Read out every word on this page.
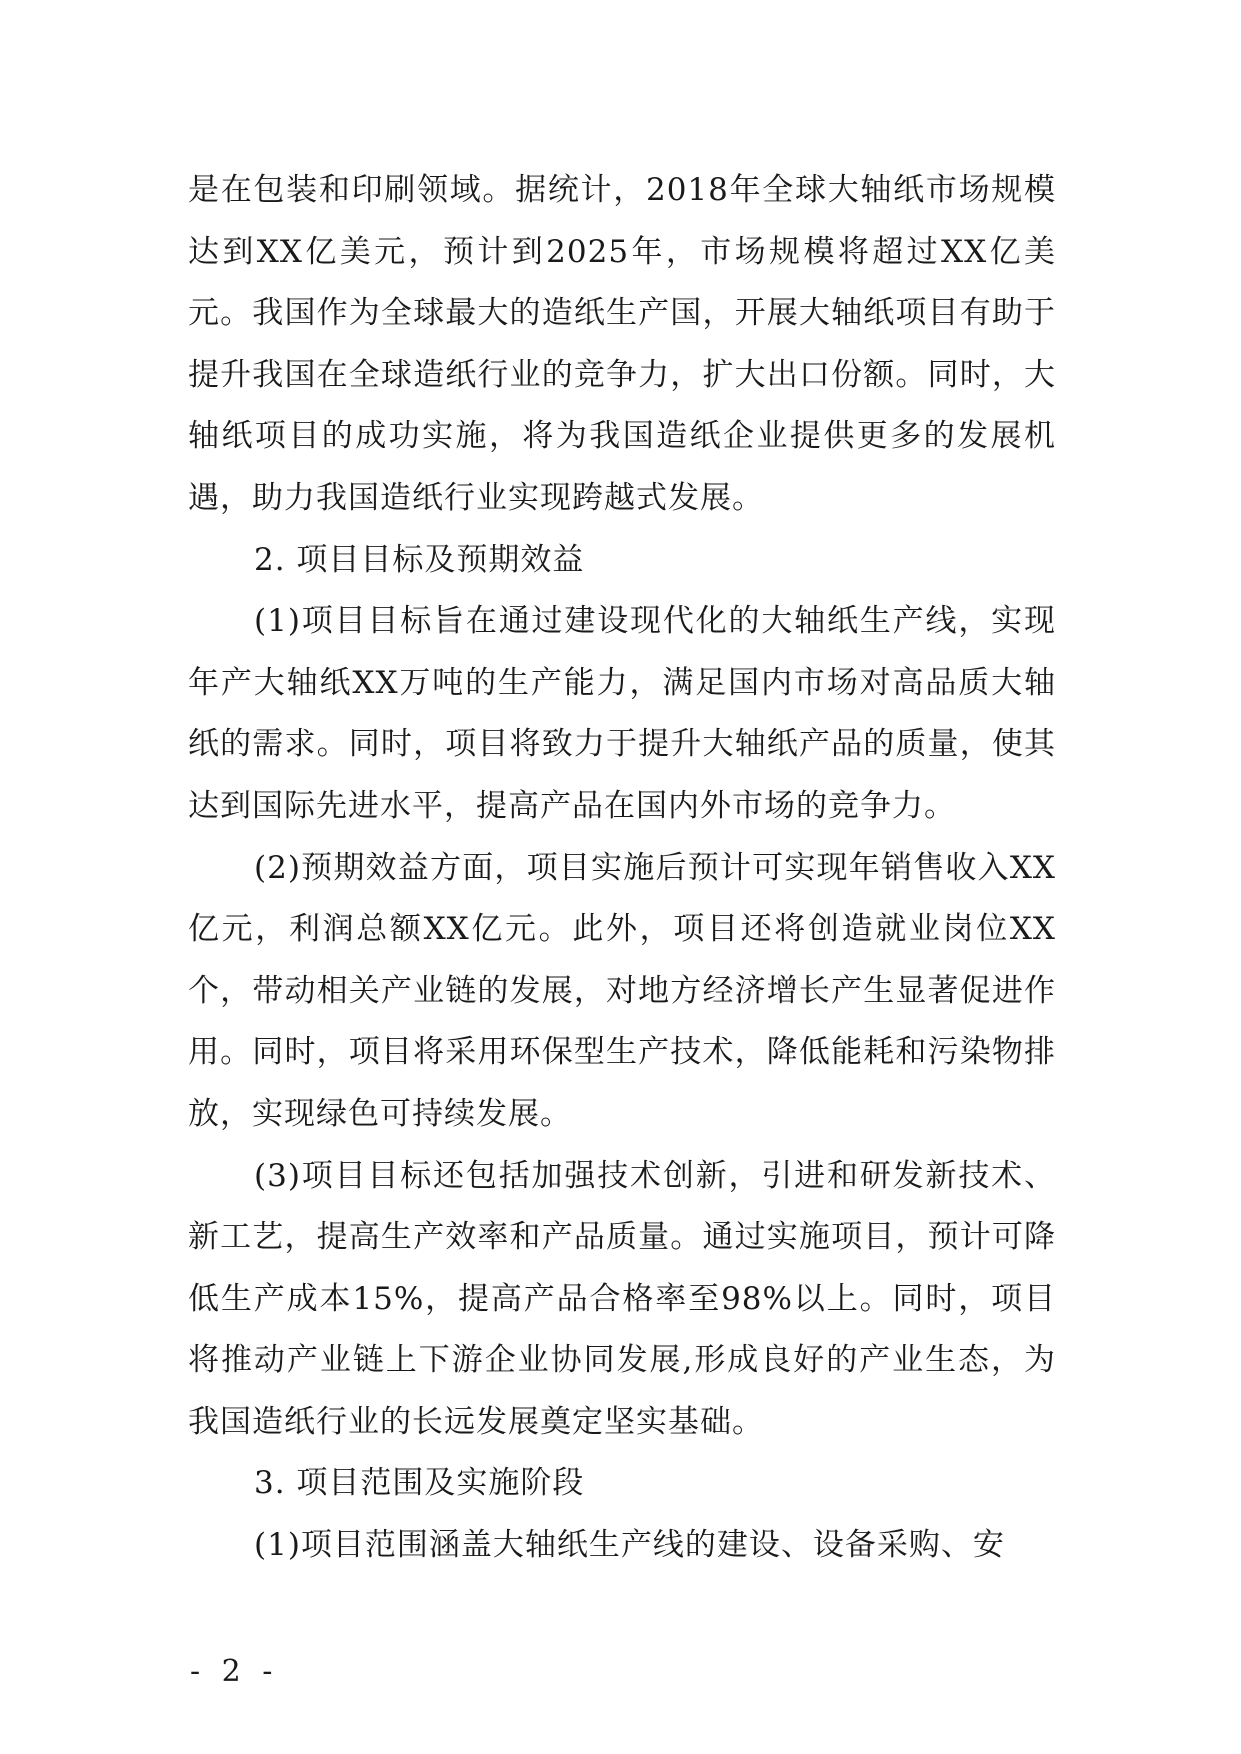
是在包装和印刷领域。据统计，2018年全球大轴纸市场规模达到XX亿美元，预计到2025年，市场规模将超过XX亿美元。我国作为全球最大的造纸生产国，开展大轴纸项目有助于提升我国在全球造纸行业的竞争力，扩大出口份额。同时，大轴纸项目的成功实施，将为我国造纸企业提供更多的发展机遇，助力我国造纸行业实现跨越式发展。

2. 项目目标及预期效益

(1)项目目标旨在通过建设现代化的大轴纸生产线，实现年产大轴纸XX万吨的生产能力，满足国内市场对高品质大轴纸的需求。同时，项目将致力于提升大轴纸产品的质量，使其达到国际先进水平，提高产品在国内外市场的竞争力。

(2)预期效益方面，项目实施后预计可实现年销售收入XX亿元，利润总额XX亿元。此外，项目还将创造就业岗位XX个，带动相关产业链的发展，对地方经济增长产生显著促进作用。同时，项目将采用环保型生产技术，降低能耗和污染物排放，实现绿色可持续发展。

(3)项目目标还包括加强技术创新，引进和研发新技术、新工艺，提高生产效率和产品质量。通过实施项目，预计可降低生产成本15%，提高产品合格率至98%以上。同时，项目将推动产业链上下游企业协同发展,形成良好的产业生态，为我国造纸行业的长远发展奠定坚实基础。

3. 项目范围及实施阶段

(1)项目范围涵盖大轴纸生产线的建设、设备采购、安

- 2 -
